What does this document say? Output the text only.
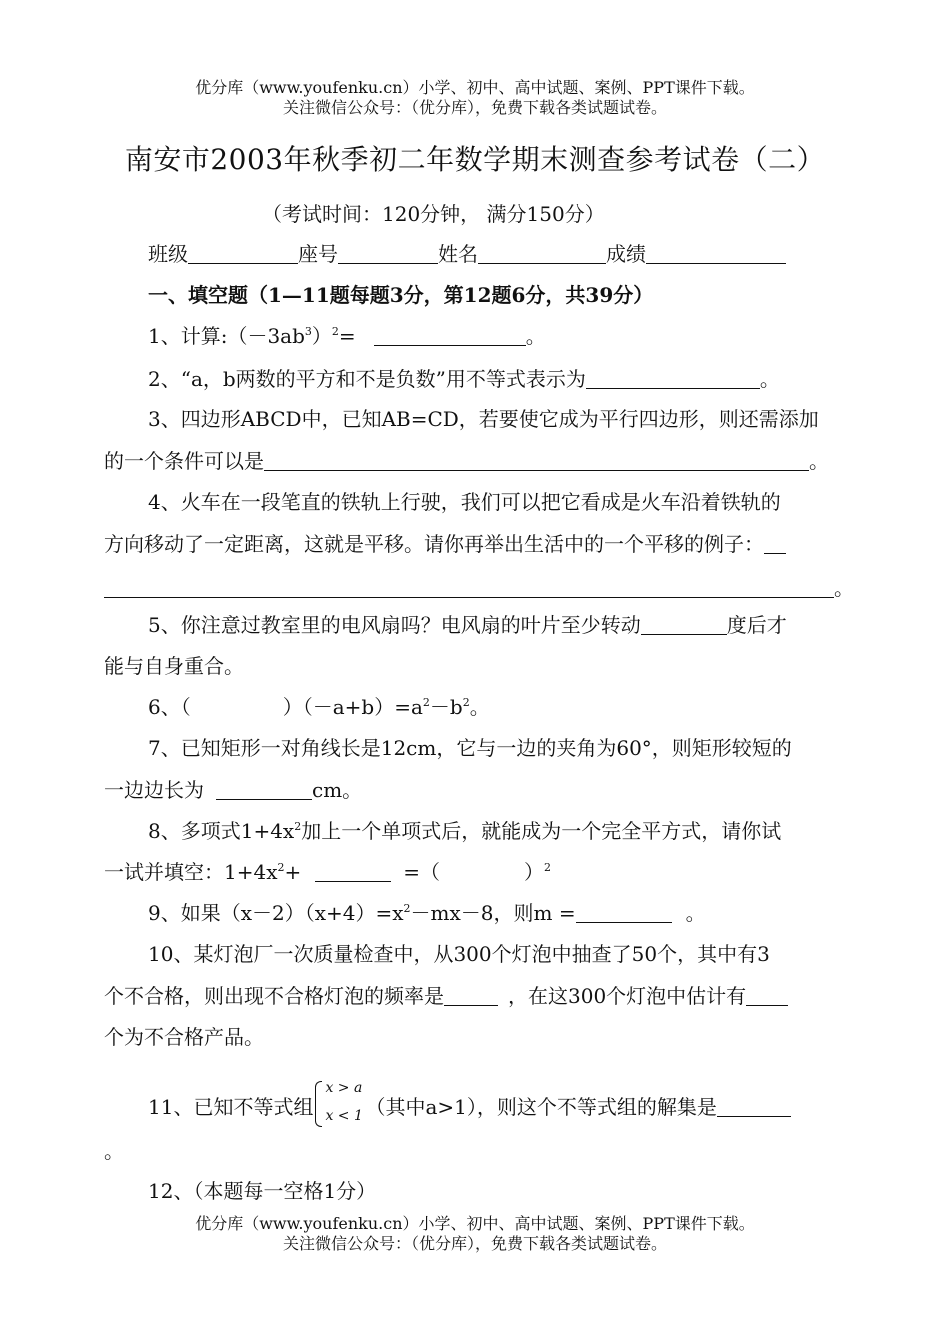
优分库（www.youfenku.cn）小学、初中、高中试题、案例、PPT课件下载。
关注微信公众号：（优分库），免费下载各类试题试卷。
南安市2003年秋季初二年数学期末测查参考试卷（二）
（考试时间：120分钟， 满分150分）
班级	座号	姓名	成绩
一、填空题（1—11题每题3分，第12题6分，共39分）
1、计算$:(-3ab^3)^2=$	。
2、“a，b两数的平方和不是负数”用不等式表示为	。
3、四边形ABCD中，已知AB=CD，若要使它成为平行四边形，则还需添加
的一个条件可以是	。
4、火车在一段笔直的铁轨上行驶，我们可以把它看成是火车沿着铁轨的
方向移动了一定距离，这就是平移。请你再举出生活中的一个平移的例子：
。
5、你注意过教室里的电风扇吗？电风扇的叶片至少转动	度后才
能与自身重合。
6、（	）$(-a+b)=a^2-b^2$。
7、已知矩形一对角线长是12cm，它与一边的夹角为60°，则矩形较短的
一边边长为	cm。
8、多项式$1+4x^2$加上一个单项式后，就能成为一个完全平方式，请你试
一试并填空：$1+4x^2+$	=（	）$^2$
9、如果$(x-2)(x+4)=x^2-mx-8$，则m =	。
10、某灯泡厂一次质量检查中，从300个灯泡中抽查了50个，其中有3
个不合格，则出现不合格灯泡的频率是	，在这300个灯泡中估计有
个为不合格产品。
11、已知不等式组
x > a
x < 1 （其中a>1），则这个不等式组的解集是
。
12、（本题每一空格1分）
优分库（www.youfenku.cn）小学、初中、高中试题、案例、PPT课件下载。
关注微信公众号：（优分库），免费下载各类试题试卷。
